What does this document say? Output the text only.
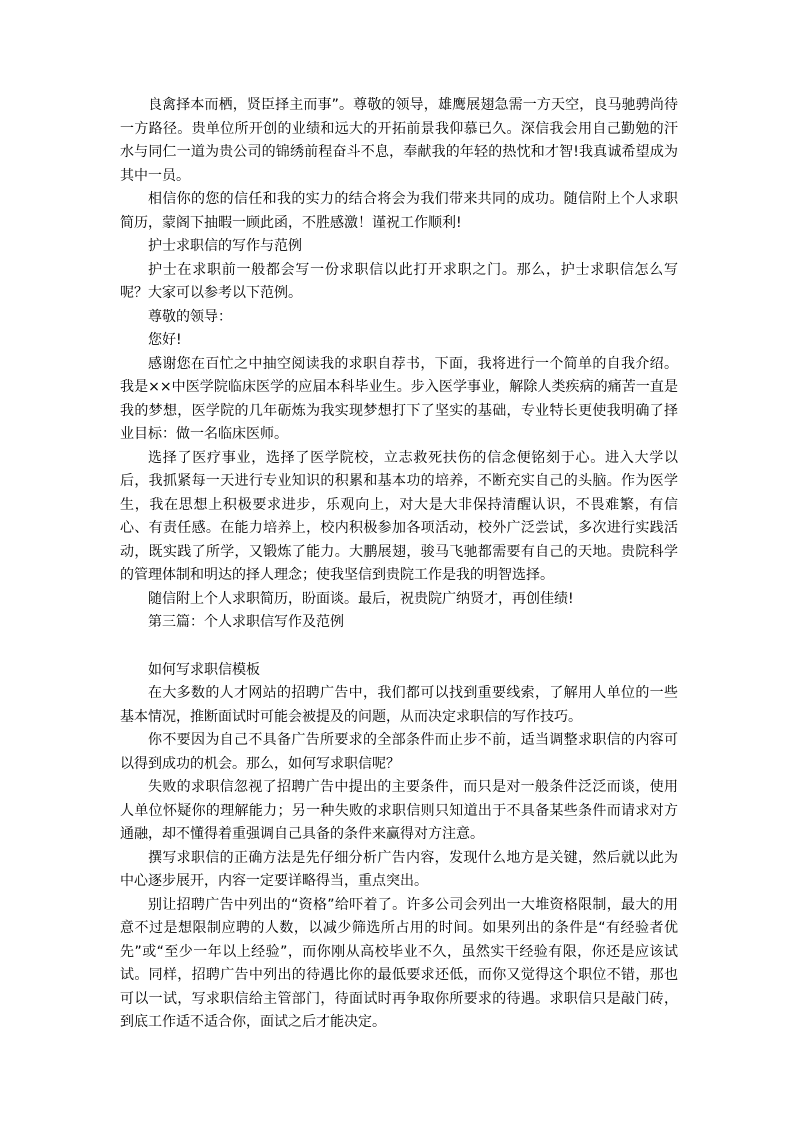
良禽择本而栖，贤臣择主而事”。尊敬的领导，雄鹰展翅急需一方天空，良马驰骋尚待一方路径。贵单位所开创的业绩和远大的开拓前景我仰慕已久。深信我会用自己勤勉的汗水与同仁一道为贵公司的锦绣前程奋斗不息，奉献我的年轻的热忱和才智!我真诚希望成为其中一员。

相信你的您的信任和我的实力的结合将会为我们带来共同的成功。随信附上个人求职简历，蒙阁下抽暇一顾此函，不胜感激！谨祝工作顺利!

护士求职信的写作与范例

护士在求职前一般都会写一份求职信以此打开求职之门。那么，护士求职信怎么写呢？大家可以参考以下范例。

尊敬的领导：

您好!

感谢您在百忙之中抽空阅读我的求职自荐书，下面，我将进行一个简单的自我介绍。我是××中医学院临床医学的应届本科毕业生。步入医学事业，解除人类疾病的痛苦一直是我的梦想，医学院的几年砺炼为我实现梦想打下了坚实的基础，专业特长更使我明确了择业目标：做一名临床医师。

选择了医疗事业，选择了医学院校，立志救死扶伤的信念便铭刻于心。进入大学以后，我抓紧每一天进行专业知识的积累和基本功的培养，不断充实自己的头脑。作为医学生，我在思想上积极要求进步，乐观向上，对大是大非保持清醒认识，不畏难繁，有信心、有责任感。在能力培养上，校内积极参加各项活动，校外广泛尝试，多次进行实践活动，既实践了所学，又锻炼了能力。大鹏展翅，骏马飞驰都需要有自己的天地。贵院科学的管理体制和明达的择人理念；使我坚信到贵院工作是我的明智选择。

随信附上个人求职简历，盼面谈。最后，祝贵院广纳贤才，再创佳绩!

第三篇：个人求职信写作及范例

如何写求职信模板

在大多数的人才网站的招聘广告中，我们都可以找到重要线索，了解用人单位的一些基本情况，推断面试时可能会被提及的问题，从而决定求职信的写作技巧。

你不要因为自己不具备广告所要求的全部条件而止步不前，适当调整求职信的内容可以得到成功的机会。那么，如何写求职信呢？

失败的求职信忽视了招聘广告中提出的主要条件，而只是对一般条件泛泛而谈，使用人单位怀疑你的理解能力；另一种失败的求职信则只知道出于不具备某些条件而请求对方通融，却不懂得着重强调自己具备的条件来赢得对方注意。

撰写求职信的正确方法是先仔细分析广告内容，发现什么地方是关键，然后就以此为中心逐步展开，内容一定要详略得当，重点突出。

别让招聘广告中列出的“资格”给吓着了。许多公司会列出一大堆资格限制，最大的用意不过是想限制应聘的人数，以减少筛选所占用的时间。如果列出的条件是“有经验者优先”或“至少一年以上经验”，而你刚从高校毕业不久，虽然实干经验有限，你还是应该试试。同样，招聘广告中列出的待遇比你的最低要求还低，而你又觉得这个职位不错，那也可以一试，写求职信给主管部门，待面试时再争取你所要求的待遇。求职信只是敲门砖，到底工作适不适合你，面试之后才能决定。
